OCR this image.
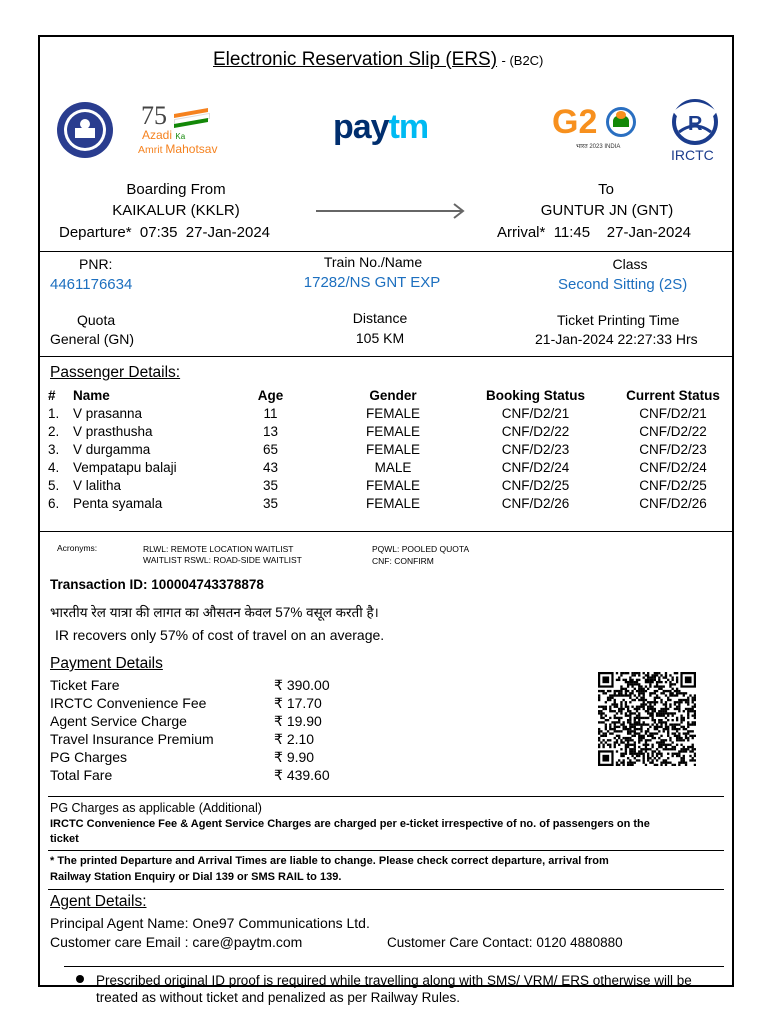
Electronic Reservation Slip (ERS) - (B2C)
75
Azadi Ka
Amrit Mahotsav
paytm	G2
भारत 2023 INDIA
R
IRCTC
Boarding From
KAIKALUR (KKLR)
Departure* 07:35 27-Jan-2024
To
GUNTUR JN (GNT)
Arrival* 11:45 27-Jan-2024
PNR:
4461176634
Train No./Name
17282/NS GNT EXP
Class
Second Sitting (2S)
Quota
General (GN)
Distance
105 KM
Ticket Printing Time
21-Jan-2024 22:27:33 Hrs
Passenger Details:
#	Name	Age	Gender	Booking Status	Current Status
1.	V prasanna	11	FEMALE	CNF/D2/21	CNF/D2/21
2.	V prasthusha	13	FEMALE	CNF/D2/22	CNF/D2/22
3.	V durgamma	65	FEMALE	CNF/D2/23	CNF/D2/23
4.	Vempatapu balaji	43	MALE	CNF/D2/24	CNF/D2/24
5.	V lalitha	35	FEMALE	CNF/D2/25	CNF/D2/25
6.	Penta syamala	35	FEMALE	CNF/D2/26	CNF/D2/26
Acronyms:	RLWL: REMOTE LOCATION WAITLIST
WAITLIST RSWL: ROAD-SIDE WAITLIST
PQWL: POOLED QUOTA
CNF: CONFIRM
Transaction ID: 100004743378878
भारतीय रेल यात्रा की लागत का औसतन केवल 57% वसूल करती है।
IR recovers only 57% of cost of travel on an average.
Payment Details
Ticket Fare	₹ 390.00
IRCTC Convenience Fee	₹ 17.70
Agent Service Charge	₹ 19.90
Travel Insurance Premium	₹ 2.10
PG Charges	₹ 9.90
Total Fare	₹ 439.60
PG Charges as applicable (Additional)
IRCTC Convenience Fee & Agent Service Charges are charged per e-ticket irrespective of no. of passengers on the
ticket
* The printed Departure and Arrival Times are liable to change. Please check correct departure, arrival from
Railway Station Enquiry or Dial 139 or SMS RAIL to 139.
Agent Details:
Principal Agent Name: One97 Communications Ltd.
Customer care Email : care@paytm.com	Customer Care Contact: 0120 4880880
Prescribed original ID proof is required while travelling along with SMS/ VRM/ ERS otherwise will be
treated as without ticket and penalized as per Railway Rules.
